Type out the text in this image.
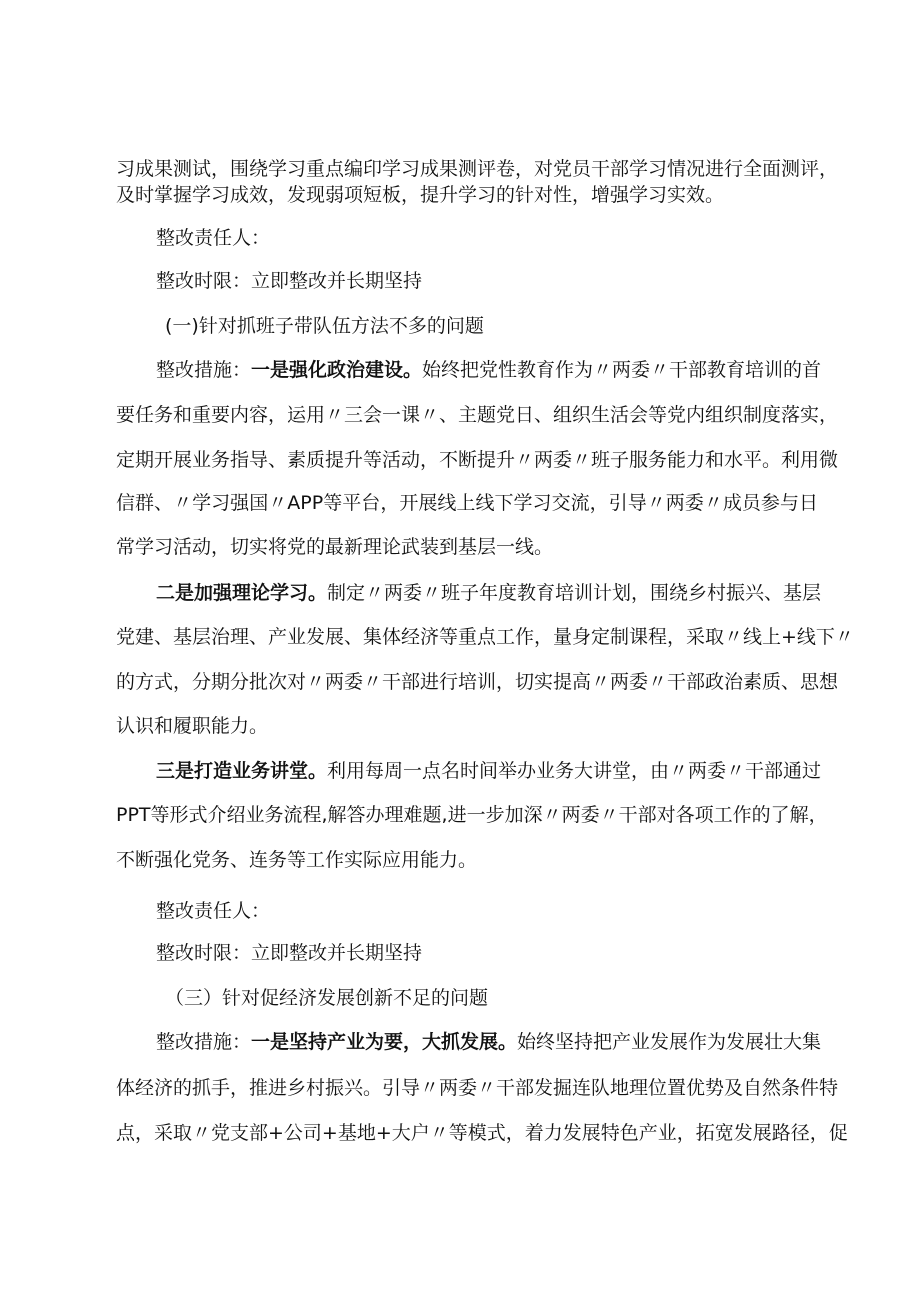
习成果测试，围绕学习重点编印学习成果测评卷，对党员干部学习情况进行全面测评，
及时掌握学习成效，发现弱项短板，提升学习的针对性，增强学习实效。
整改责任人：
整改时限：立即整改并长期坚持
(一)针对抓班子带队伍方法不多的问题
整改措施：一是强化政治建设。始终把党性教育作为〃两委〃干部教育培训的首
要任务和重要内容，运用〃三会一课〃、主题党日、组织生活会等党内组织制度落实，
定期开展业务指导、素质提升等活动，不断提升〃两委〃班子服务能力和水平。利用微
信群、〃学习强国〃APP等平台，开展线上线下学习交流，引导〃两委〃成员参与日
常学习活动，切实将党的最新理论武装到基层一线。
二是加强理论学习。制定〃两委〃班子年度教育培训计划，围绕乡村振兴、基层
党建、基层治理、产业发展、集体经济等重点工作，量身定制课程，采取〃线上+线下〃
的方式，分期分批次对〃两委〃干部进行培训，切实提高〃两委〃干部政治素质、思想
认识和履职能力。
三是打造业务讲堂。利用每周一点名时间举办业务大讲堂，由〃两委〃干部通过
PPT等形式介绍业务流程,解答办理难题,进一步加深〃两委〃干部对各项工作的了解，
不断强化党务、连务等工作实际应用能力。
整改责任人：
整改时限：立即整改并长期坚持
（三）针对促经济发展创新不足的问题
整改措施：一是坚持产业为要，大抓发展。始终坚持把产业发展作为发展壮大集
体经济的抓手，推进乡村振兴。引导〃两委〃干部发掘连队地理位置优势及自然条件特
点，采取〃党支部+公司+基地+大户〃等模式，着力发展特色产业，拓宽发展路径，促
